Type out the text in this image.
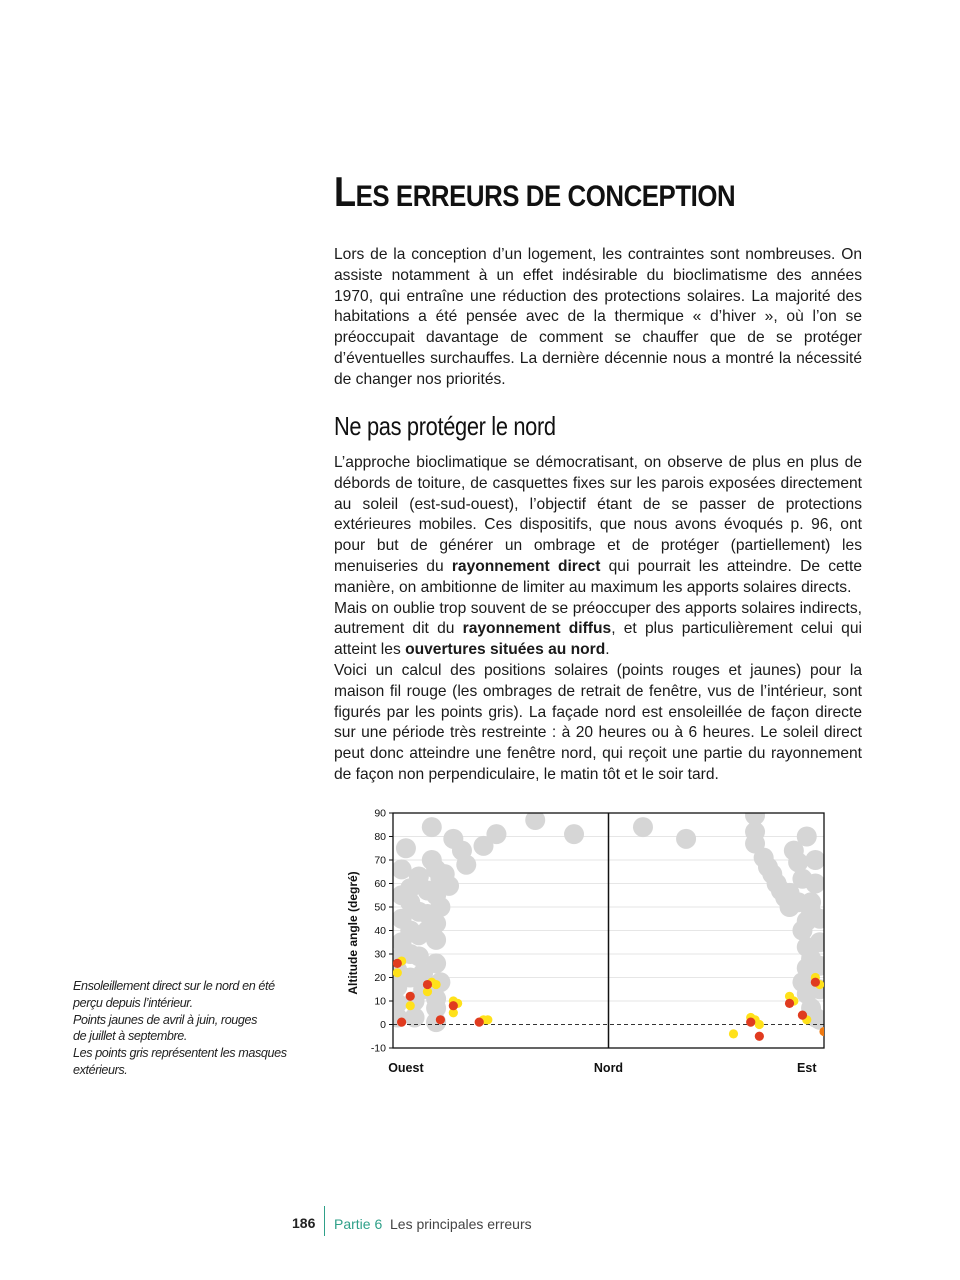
LES ERREURS DE CONCEPTION

Lors de la conception d’un logement, les contraintes sont nombreuses. On assiste notamment à un effet indésirable du bioclimatisme des années 1970, qui entraîne une réduction des protections solaires. La majorité des habitations a été pensée avec de la thermique « d’hiver », où l’on se préoccupait davantage de comment se chauffer que de se protéger d’éventuelles surchauffes. La dernière décennie nous a montré la nécessité de changer nos priorités.

Ne pas protéger le nord

L’approche bioclimatique se démocratisant, on observe de plus en plus de débords de toiture, de casquettes fixes sur les parois exposées directement au soleil (est-sud-ouest), l’objectif étant de se passer de protections extérieures mobiles. Ces dispositifs, que nous avons évoqués p. 96, ont pour but de générer un ombrage et de protéger (partiellement) les menuiseries du rayonnement direct qui pourrait les atteindre. De cette manière, on ambitionne de limiter au maximum les apports solaires directs.

Mais on oublie trop souvent de se préoccuper des apports solaires indirects, autrement dit du rayonnement diffus, et plus particulièrement celui qui atteint les ouvertures situées au nord.

Voici un calcul des positions solaires (points rouges et jaunes) pour la maison fil rouge (les ombrages de retrait de fenêtre, vus de l’intérieur, sont figurés par les points gris). La façade nord est ensoleillée de façon directe sur une période très restreinte : à 20 heures ou à 6 heures. Le soleil direct peut donc atteindre une fenêtre nord, qui reçoit une partie du rayonnement de façon non perpendiculaire, le matin tôt et le soir tard.

90
80
70
60
50
40
30
20
10
0
-10
Ouest	Nord	Est
Altitude angle (degré)
Ensoleillement direct sur le nord en été
perçu depuis l’intérieur.
Points jaunes de avril à juin, rouges
de juillet à septembre.
Les points gris représentent les masques
extérieurs.
186 Partie 6 Les principales erreurs
